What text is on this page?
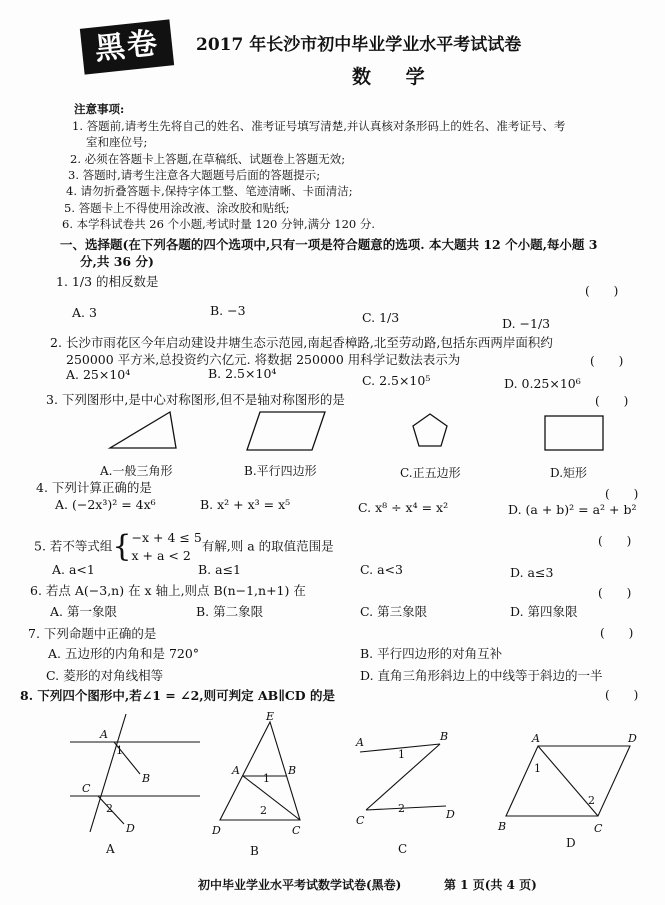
黑卷	2017 年长沙市初中毕业学业水平考试试卷
数 学
注意事项:
1. 答题前,请考生先将自己的姓名、准考证号填写清楚,并认真核对条形码上的姓名、准考证号、考
室和座位号;
2. 必须在答题卡上答题,在草稿纸、试题卷上答题无效;
3. 答题时,请考生注意各大题题号后面的答题提示;
4. 请勿折叠答题卡,保持字体工整、笔迹清晰、卡面清洁;
5. 答题卡上不得使用涂改液、涂改胶和贴纸;
6. 本学科试卷共 26 个小题,考试时量 120 分钟,满分 120 分.
一、选择题(在下列各题的四个选项中,只有一项是符合题意的选项. 本大题共 12 个小题,每小题 3
分,共 36 分)
1. 1/3 的相反数是
(　　)
A. 3	B. −3	C. 1/3	D. −1/3
2. 长沙市雨花区今年启动建设井塘生态示范园,南起香樟路,北至劳动路,包括东西两岸面积约
250000 平方米,总投资约六亿元. 将数据 250000 用科学记数法表示为	(　　)
A. 25×10⁴	B. 2.5×10⁴	C. 2.5×10⁵	D. 0.25×10⁶
3. 下列图形中,是中心对称图形,但不是轴对称图形的是	(　　)
A.一般三角形	B.平行四边形	C.正五边形	D.矩形
4. 下列计算正确的是	(　　)
A. (−2x³)² = 4x⁶	B. x² + x³ = x⁵	C. x⁸ ÷ x⁴ = x²	D. (a + b)² = a² + b²
5. 若不等式组{−x + 4 ≤ 5
x + a < 2有解,则 a 的取值范围是	(　　)
A. a<1	B. a≤1	C. a<3	D. a≤3
6. 若点 A(−3,n) 在 x 轴上,则点 B(n−1,n+1) 在	(　　)
A. 第一象限	B. 第二象限	C. 第三象限	D. 第四象限
7. 下列命题中正确的是	(　　)
A. 五边形的内角和是 720°	B. 平行四边形的对角互补
C. 菱形的对角线相等	D. 直角三角形斜边上的中线等于斜边的一半
8. 下列四个图形中,若∠1 = ∠2,则可判定 AB∥CD 的是	(　　)
A
1
B
C
2
D
E
A	B
1
2
D	C
A	B
1
2
C	D
A	D
1
2
B	C
A	B	C	D
初中毕业学业水平考试数学试卷(黑卷)	第 1 页(共 4 页)
